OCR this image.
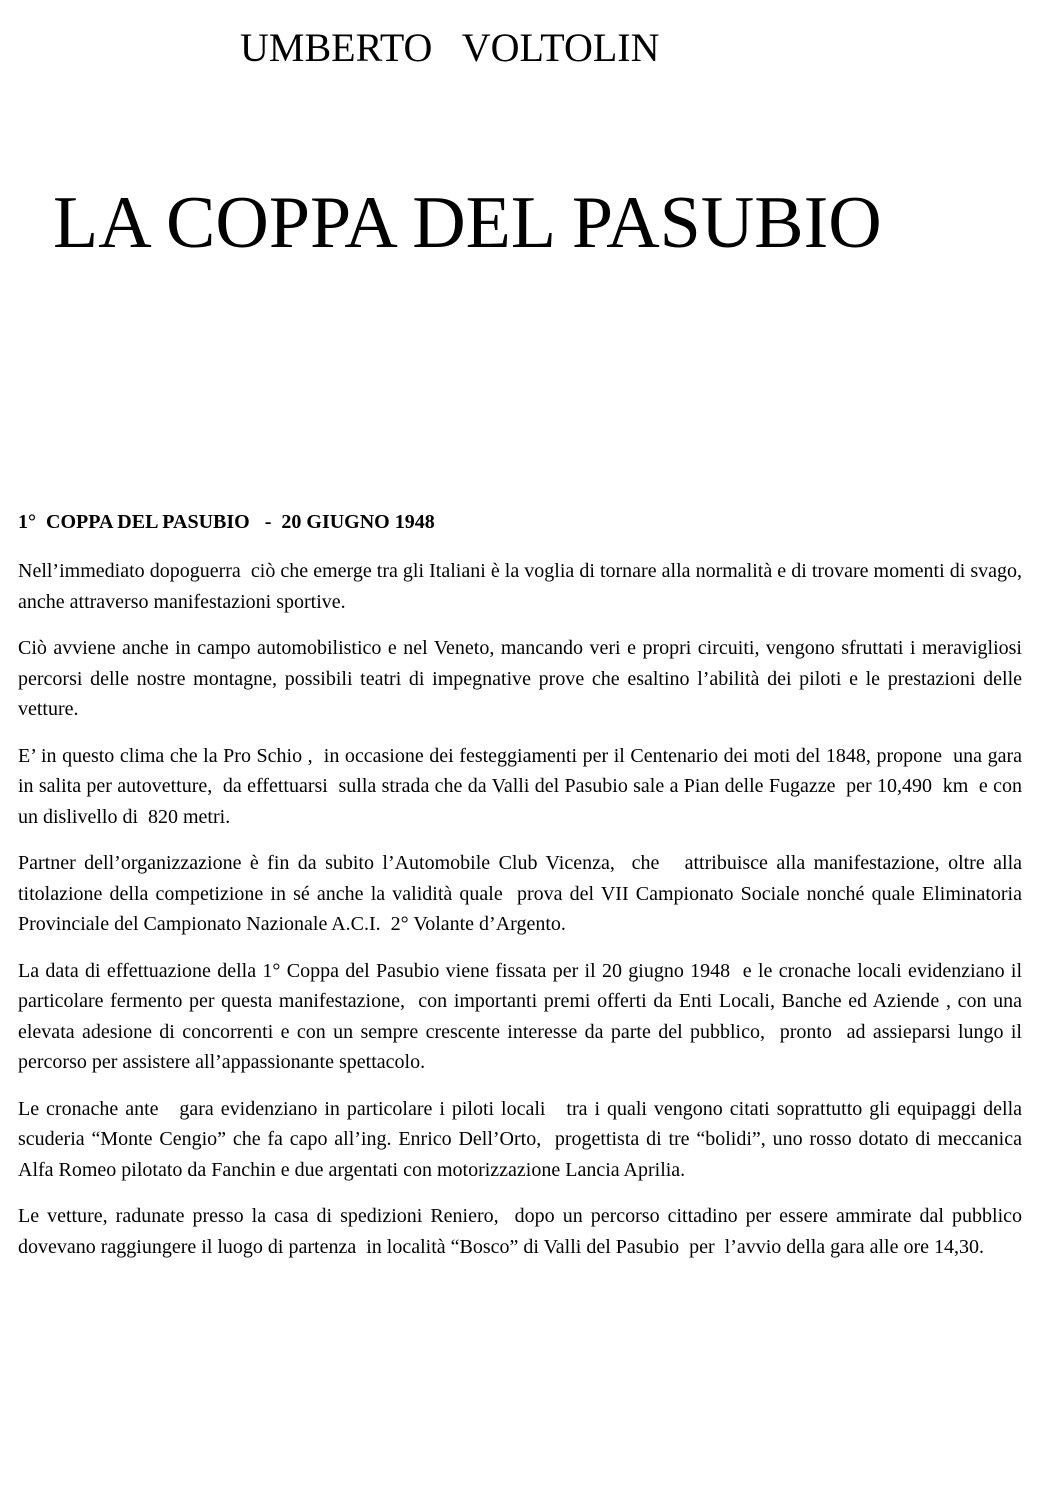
UMBERTO   VOLTOLIN
LA COPPA DEL PASUBIO

1°  COPPA DEL PASUBIO   -  20 GIUGNO 1948

Nell’immediato dopoguerra  ciò che emerge tra gli Italiani è la voglia di tornare alla normalità e di trovare momenti di svago, anche attraverso manifestazioni sportive.

Ciò avviene anche in campo automobilistico e nel Veneto, mancando veri e propri circuiti, vengono sfruttati i meravigliosi percorsi delle nostre montagne, possibili teatri di impegnative prove che esaltino l’abilità dei piloti e le prestazioni delle vetture.

E’ in questo clima che la Pro Schio ,  in occasione dei festeggiamenti per il Centenario dei moti del 1848, propone  una gara in salita per autovetture,  da effettuarsi  sulla strada che da Valli del Pasubio sale a Pian delle Fugazze  per 10,490  km  e con un dislivello di  820 metri.

Partner dell’organizzazione è fin da subito l’Automobile Club Vicenza,  che   attribuisce alla manifestazione, oltre alla titolazione della competizione in sé anche la validità quale  prova del VII Campionato Sociale nonché quale Eliminatoria Provinciale del Campionato Nazionale A.C.I.  2° Volante d’Argento.

La data di effettuazione della 1° Coppa del Pasubio viene fissata per il 20 giugno 1948  e le cronache locali evidenziano il particolare fermento per questa manifestazione,  con importanti premi offerti da Enti Locali, Banche ed Aziende , con una elevata adesione di concorrenti e con un sempre crescente interesse da parte del pubblico,  pronto  ad assieparsi lungo il percorso per assistere all’appassionante spettacolo.

Le cronache ante   gara evidenziano in particolare i piloti locali   tra i quali vengono citati soprattutto gli equipaggi della scuderia “Monte Cengio” che fa capo all’ing. Enrico Dell’Orto,  progettista di tre “bolidi”, uno rosso dotato di meccanica Alfa Romeo pilotato da Fanchin e due argentati con motorizzazione Lancia Aprilia.

Le vetture, radunate presso la casa di spedizioni Reniero,  dopo un percorso cittadino per essere ammirate dal pubblico dovevano raggiungere il luogo di partenza  in località “Bosco” di Valli del Pasubio  per  l’avvio della gara alle ore 14,30.
